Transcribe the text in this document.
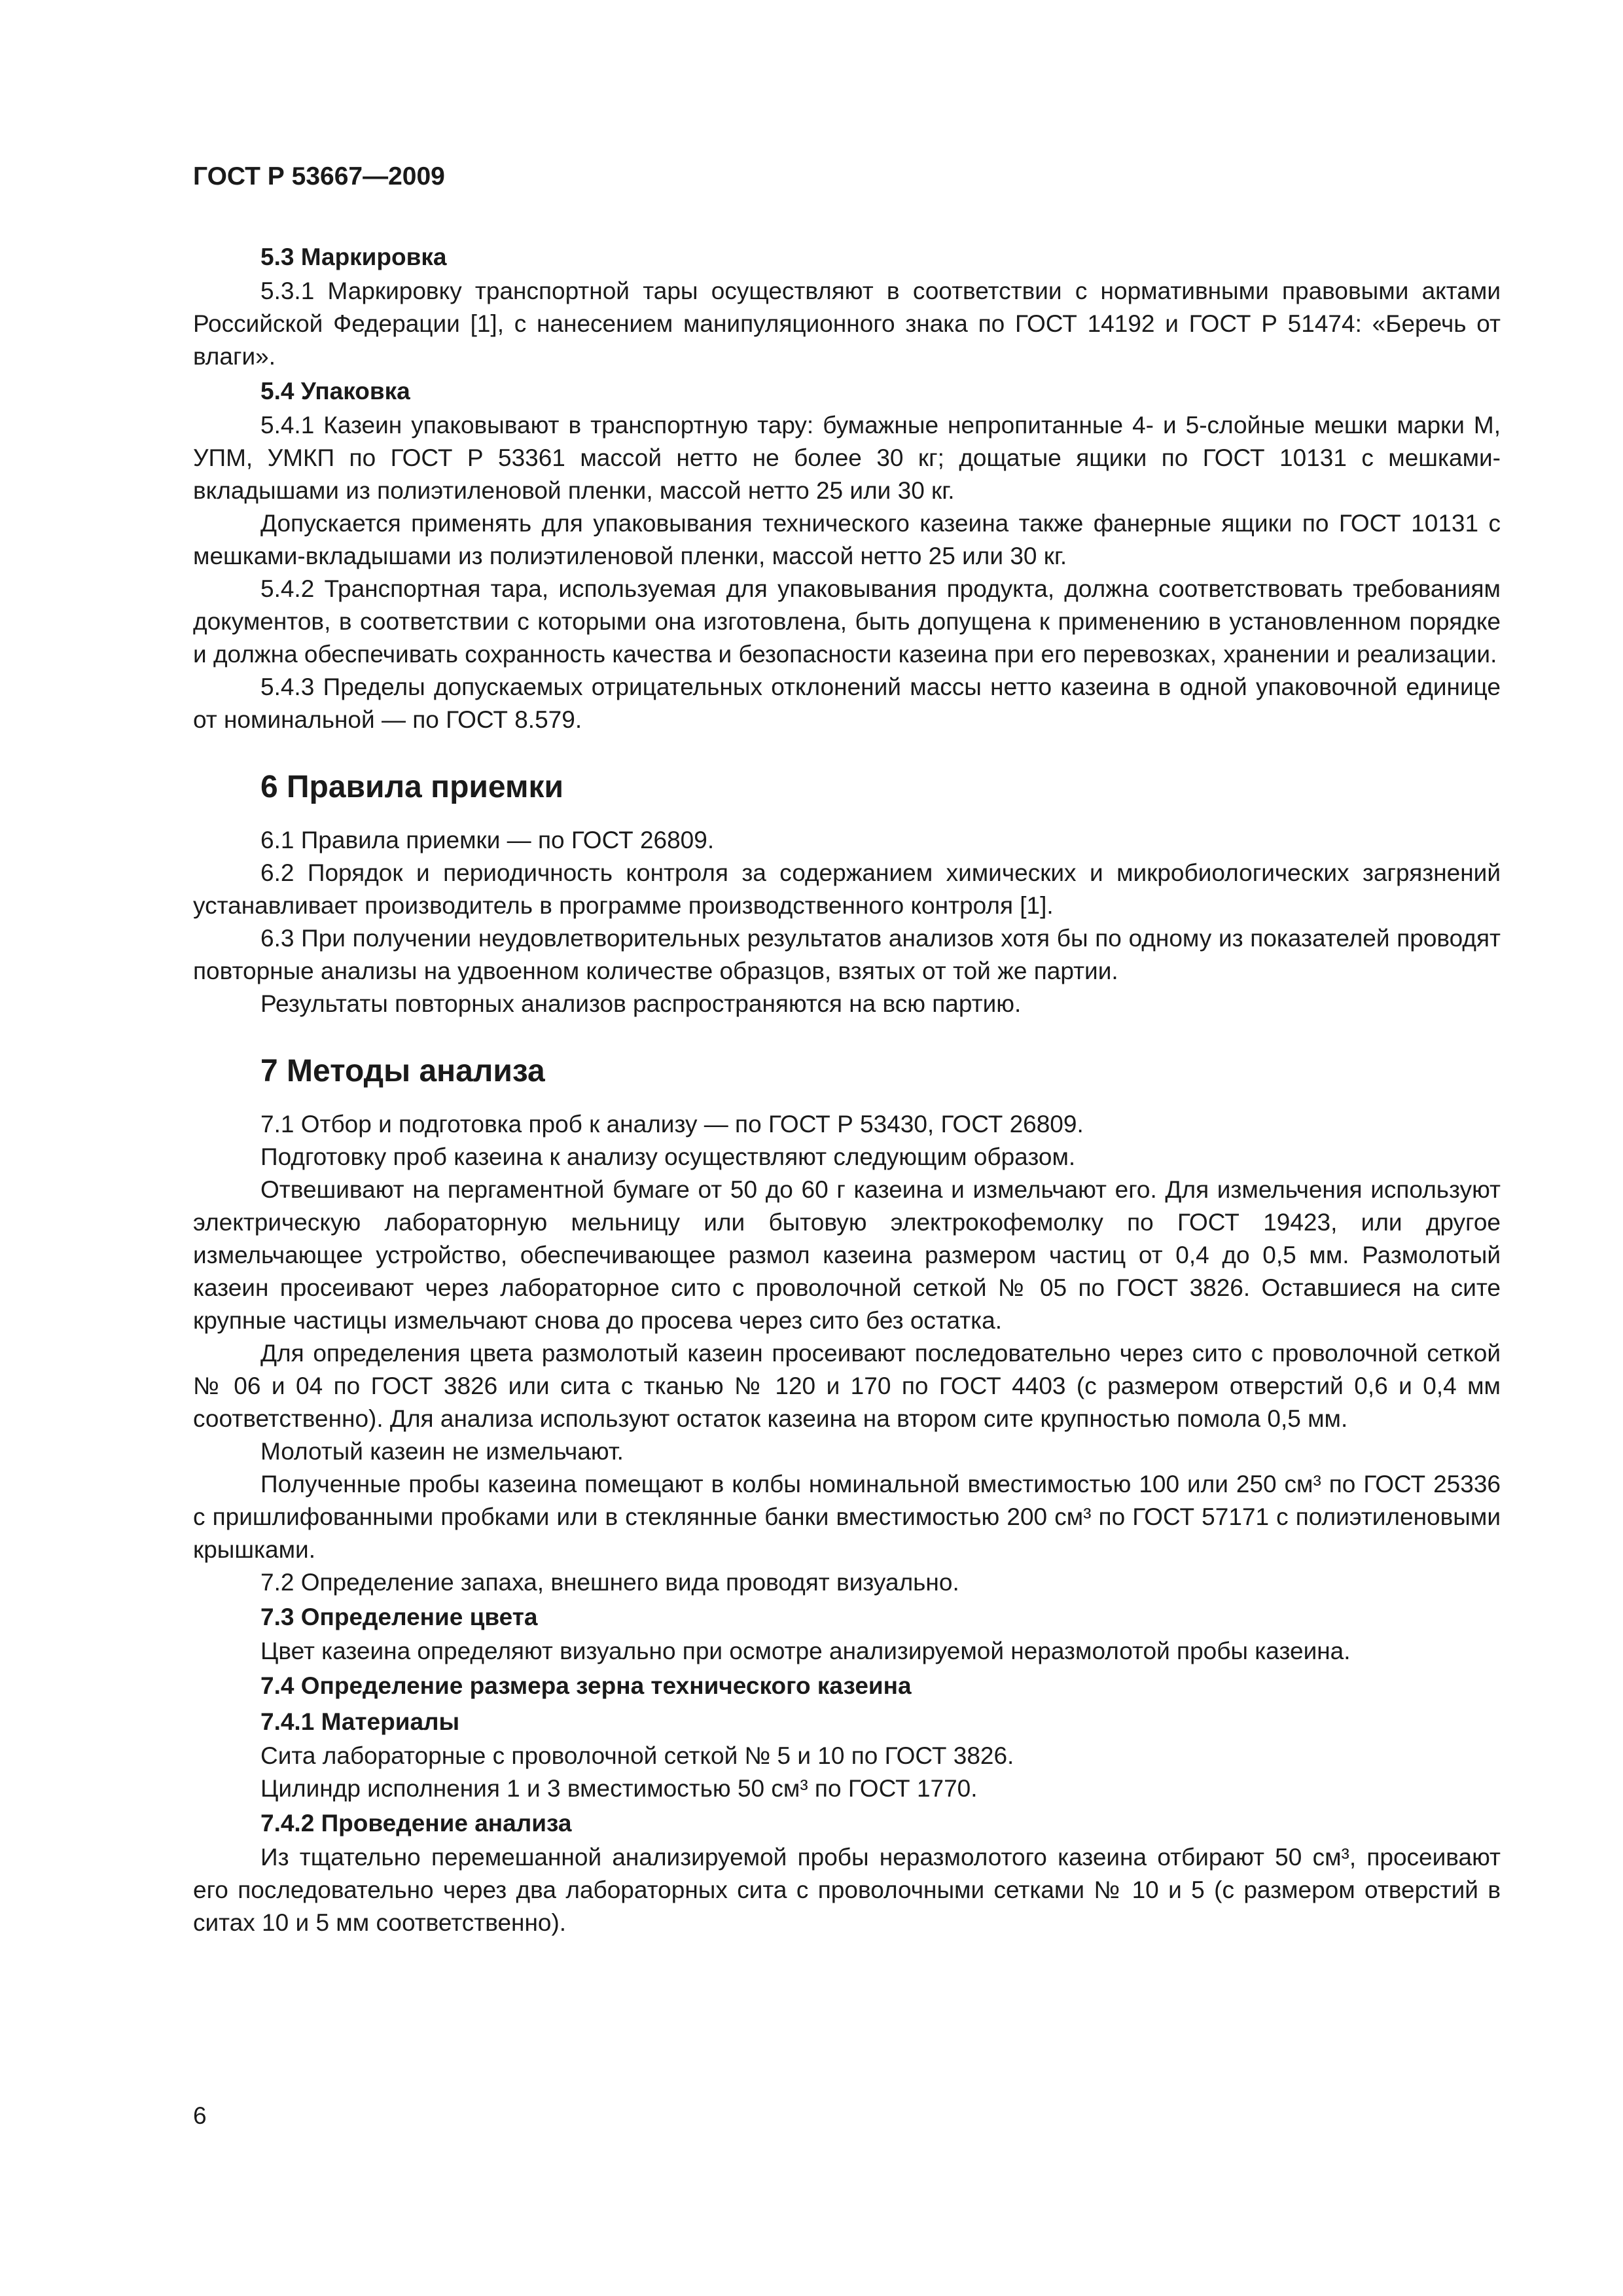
ГОСТ Р 53667—2009

5.3 Маркировка

5.3.1 Маркировку транспортной тары осуществляют в соответствии с нормативными правовыми актами Российской Федерации [1], с нанесением манипуляционного знака по ГОСТ 14192 и ГОСТ Р 51474: «Беречь от влаги».

5.4 Упаковка

5.4.1 Казеин упаковывают в транспортную тару: бумажные непропитанные 4- и 5-слойные мешки марки М, УПМ, УМКП по ГОСТ Р 53361 массой нетто не более 30 кг; дощатые ящики по ГОСТ 10131 с мешками-вкладышами из полиэтиленовой пленки, массой нетто 25 или 30 кг.

Допускается применять для упаковывания технического казеина также фанерные ящики по ГОСТ 10131 с мешками-вкладышами из полиэтиленовой пленки, массой нетто 25 или 30 кг.

5.4.2 Транспортная тара, используемая для упаковывания продукта, должна соответствовать требованиям документов, в соответствии с которыми она изготовлена, быть допущена к применению в установленном порядке и должна обеспечивать сохранность качества и безопасности казеина при его перевозках, хранении и реализации.

5.4.3 Пределы допускаемых отрицательных отклонений массы нетто казеина в одной упаковочной единице от номинальной — по ГОСТ 8.579.

6 Правила приемки

6.1 Правила приемки — по ГОСТ 26809.

6.2 Порядок и периодичность контроля за содержанием химических и микробиологических загрязнений устанавливает производитель в программе производственного контроля [1].

6.3 При получении неудовлетворительных результатов анализов хотя бы по одному из показателей проводят повторные анализы на удвоенном количестве образцов, взятых от той же партии.

Результаты повторных анализов распространяются на всю партию.

7 Методы анализа

7.1 Отбор и подготовка проб к анализу — по ГОСТ Р 53430, ГОСТ 26809.

Подготовку проб казеина к анализу осуществляют следующим образом.

Отвешивают на пергаментной бумаге от 50 до 60 г казеина и измельчают его. Для измельчения используют электрическую лабораторную мельницу или бытовую электрокофемолку по ГОСТ 19423, или другое измельчающее устройство, обеспечивающее размол казеина размером частиц от 0,4 до 0,5 мм. Размолотый казеин просеивают через лабораторное сито с проволочной сеткой № 05 по ГОСТ 3826. Оставшиеся на сите крупные частицы измельчают снова до просева через сито без остатка.

Для определения цвета размолотый казеин просеивают последовательно через сито с проволочной сеткой № 06 и 04 по ГОСТ 3826 или сита с тканью № 120 и 170 по ГОСТ 4403 (с размером отверстий 0,6 и 0,4 мм соответственно). Для анализа используют остаток казеина на втором сите крупностью помола 0,5 мм.

Молотый казеин не измельчают.

Полученные пробы казеина помещают в колбы номинальной вместимостью 100 или 250 см³ по ГОСТ 25336 с пришлифованными пробками или в стеклянные банки вместимостью 200 см³ по ГОСТ 57171 с полиэтиленовыми крышками.

7.2 Определение запаха, внешнего вида проводят визуально.

7.3 Определение цвета

Цвет казеина определяют визуально при осмотре анализируемой неразмолотой пробы казеина.

7.4 Определение размера зерна технического казеина
7.4.1 Материалы

Сита лабораторные с проволочной сеткой № 5 и 10 по ГОСТ 3826.

Цилиндр исполнения 1 и 3 вместимостью 50 см³ по ГОСТ 1770.

7.4.2 Проведение анализа

Из тщательно перемешанной анализируемой пробы неразмолотого казеина отбирают 50 см³, просеивают его последовательно через два лабораторных сита с проволочными сетками № 10 и 5 (с размером отверстий в ситах 10 и 5 мм соответственно).

6
